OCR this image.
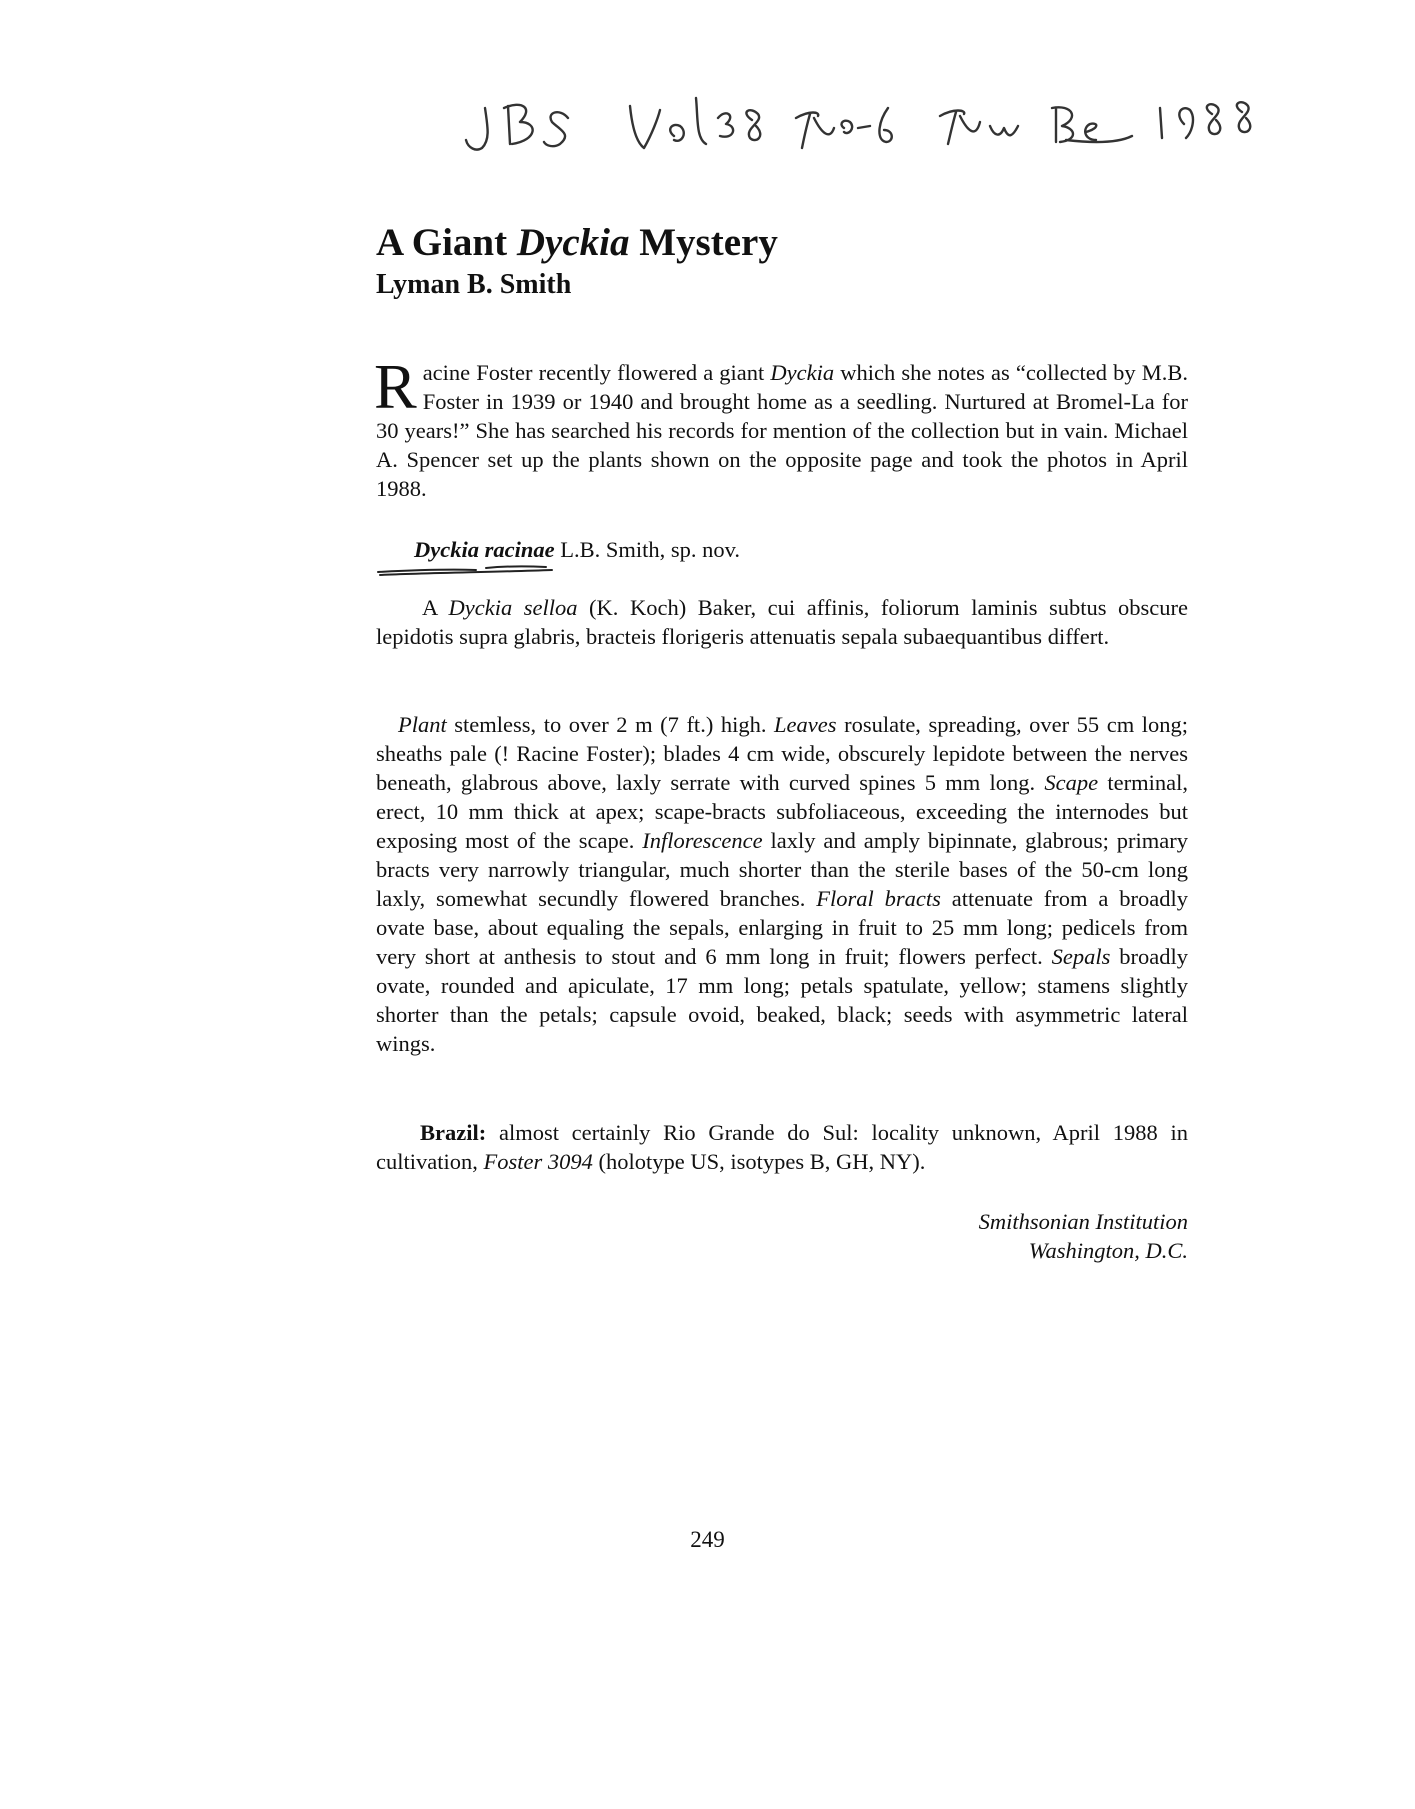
A Giant Dyckia Mystery
Lyman B. Smith

Racine Foster recently flowered a giant Dyckia which she notes as “collected by M.B. Foster in 1939 or 1940 and brought home as a seedling. Nurtured at Bromel-La for 30 years!” She has searched his records for mention of the collection but in vain. Michael A. Spencer set up the plants shown on the opposite page and took the photos in April 1988.

Dyckia racinae L.B. Smith, sp. nov.

A Dyckia selloa (K. Koch) Baker, cui affinis, foliorum laminis subtus obscure lepidotis supra glabris, bracteis florigeris attenuatis sepala subaequantibus differt.

Plant stemless, to over 2 m (7 ft.) high. Leaves rosulate, spreading, over 55 cm long; sheaths pale (! Racine Foster); blades 4 cm wide, obscurely lepidote between the nerves beneath, glabrous above, laxly serrate with curved spines 5 mm long. Scape terminal, erect, 10 mm thick at apex; scape-bracts subfoliaceous, exceeding the internodes but exposing most of the scape. Inflorescence laxly and amply bipinnate, glabrous; primary bracts very narrowly triangular, much shorter than the sterile bases of the 50-cm long laxly, somewhat secundly flowered branches. Floral bracts attenuate from a broadly ovate base, about equaling the sepals, enlarging in fruit to 25 mm long; pedicels from very short at anthesis to stout and 6 mm long in fruit; flowers perfect. Sepals broadly ovate, rounded and apiculate, 17 mm long; petals spatulate, yellow; stamens slightly shorter than the petals; capsule ovoid, beaked, black; seeds with asymmetric lateral wings.

Brazil: almost certainly Rio Grande do Sul: locality unknown, April 1988 in cultivation, Foster 3094 (holotype US, isotypes B, GH, NY).

Smithsonian Institution
Washington, D.C.
249
